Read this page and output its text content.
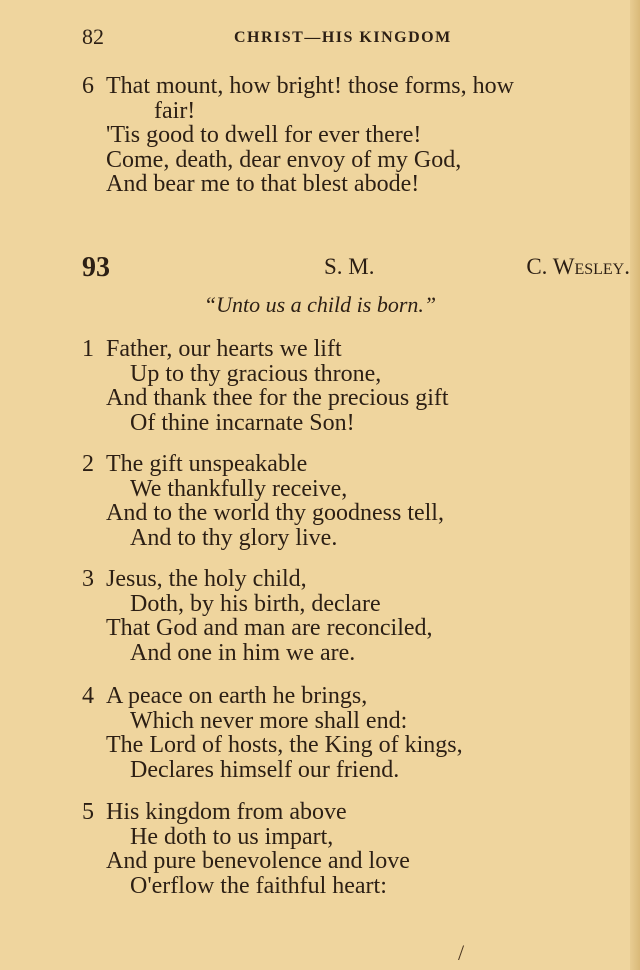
82	CHRIST—HIS KINGDOM
6 That mount, how bright! those forms, how
fair!
'Tis good to dwell for ever there!
Come, death, dear envoy of my God,
And bear me to that blest abode!
93	S. M.	C. Wesley.
“Unto us a child is born.”
1 Father, our hearts we lift
Up to thy gracious throne,
And thank thee for the precious gift
Of thine incarnate Son!
2 The gift unspeakable
We thankfully receive,
And to the world thy goodness tell,
And to thy glory live.
3 Jesus, the holy child,
Doth, by his birth, declare
That God and man are reconciled,
And one in him we are.
4 A peace on earth he brings,
Which never more shall end:
The Lord of hosts, the King of kings,
Declares himself our friend.
5 His kingdom from above
He doth to us impart,
And pure benevolence and love
O'erflow the faithful heart:
/
